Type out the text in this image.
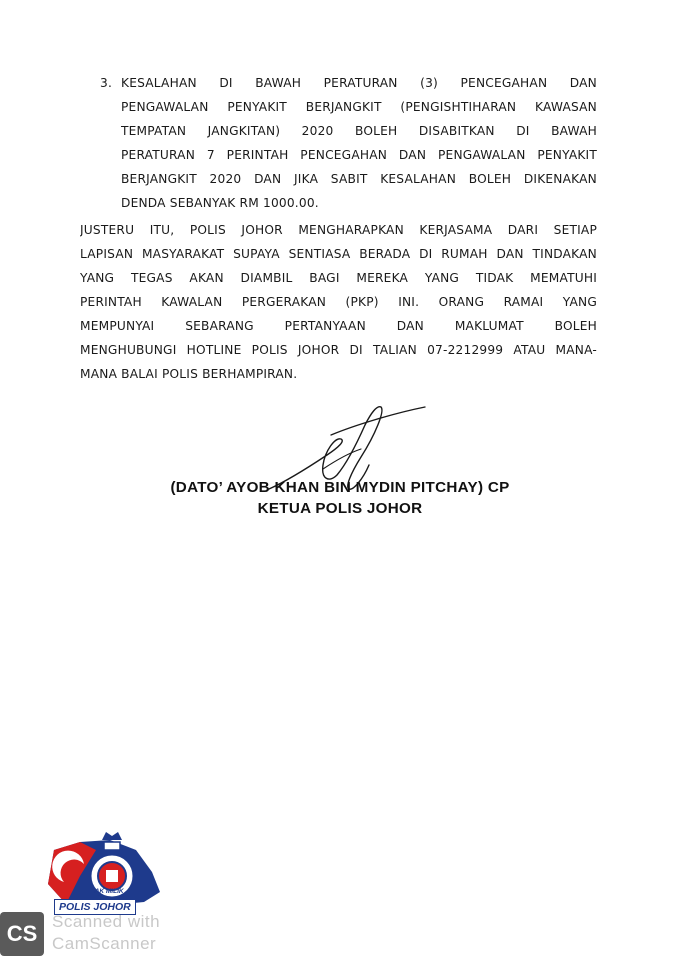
3. KESALAHAN DI BAWAH PERATURAN (3) PENCEGAHAN DAN
PENGAWALAN PENYAKIT BERJANGKIT (PENGISHTIHARAN KAWASAN
TEMPATAN JANGKITAN) 2020 BOLEH DISABITKAN DI BAWAH
PERATURAN 7 PERINTAH PENCEGAHAN DAN PENGAWALAN PENYAKIT
BERJANGKIT 2020 DAN JIKA SABIT KESALAHAN BOLEH DIKENAKAN
DENDA SEBANYAK RM 1000.00.
JUSTERU ITU, POLIS JOHOR MENGHARAPKAN KERJASAMA DARI SETIAP
LAPISAN MASYARAKAT SUPAYA SENTIASA BERADA DI RUMAH DAN TINDAKAN
YANG TEGAS AKAN DIAMBIL BAGI MEREKA YANG TIDAK MEMATUHI
PERINTAH KAWALAN PERGERAKAN (PKP) INI. ORANG RAMAI YANG
MEMPUNYAI SEBARANG PERTANYAAN DAN MAKLUMAT BOLEH
MENGHUBUNGI HOTLINE POLIS JOHOR DI TALIAN 07-2212999 ATAU MANA-
MANA BALAI POLIS BERHAMPIRAN.
(DATO’ AYOB KHAN BIN MYDIN PITCHAY) CP
KETUA POLIS JOHOR
HAK MILIK
POLIS JOHOR
CS Scanned with
CamScanner
